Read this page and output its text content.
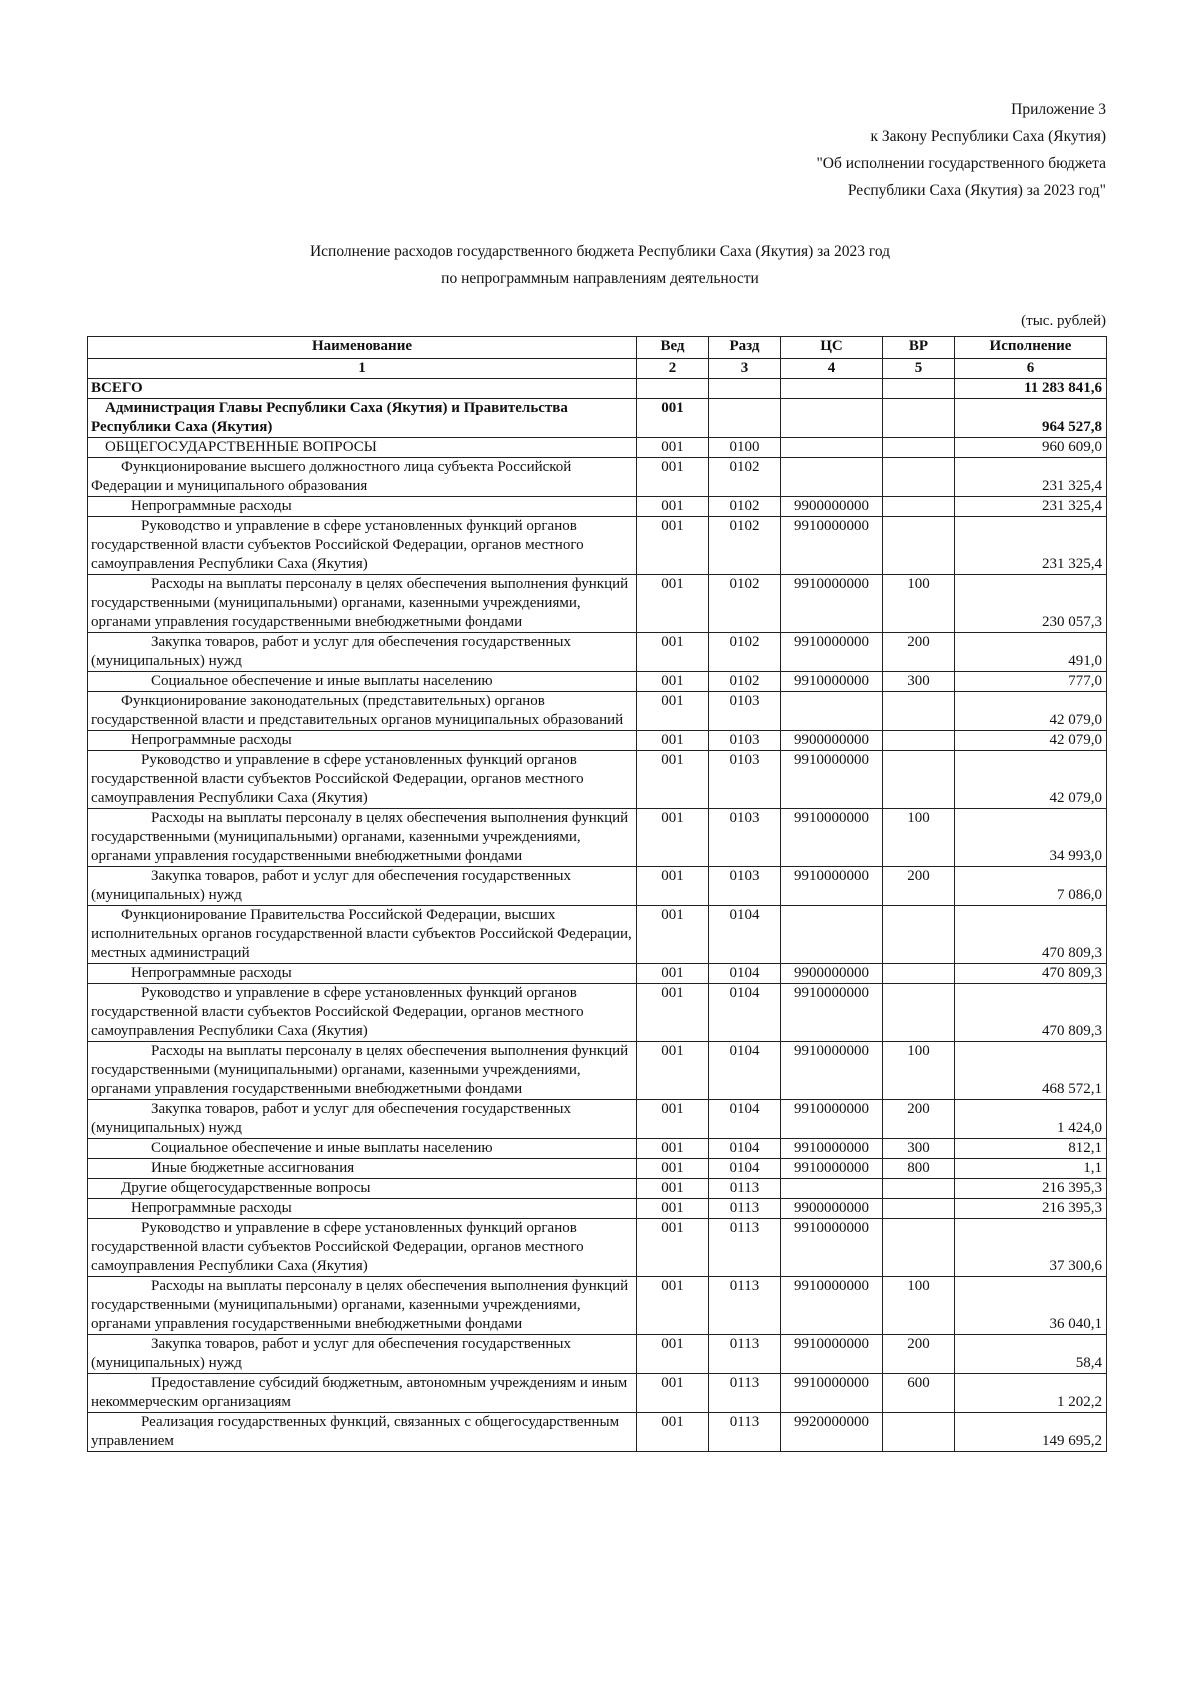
Приложение 3
к Закону Республики Саха (Якутия)
"Об исполнении государственного бюджета
Республики Саха (Якутия) за 2023 год"
Исполнение расходов государственного бюджета Республики Саха (Якутия) за 2023 год
по непрограммным направлениям деятельности
(тыс. рублей)
Наименование	Вед	Разд	ЦС	ВР	Исполнение
1	2	3	4	5	6
ВСЕГО					11 283 841,6
Администрация Главы Республики Саха (Якутия) и Правительства Республики Саха (Якутия)	001				964 527,8
ОБЩЕГОСУДАРСТВЕННЫЕ ВОПРОСЫ	001	0100			960 609,0
Функционирование высшего должностного лица субъекта Российской Федерации и муниципального образования	001	0102			231 325,4
Непрограммные расходы	001	0102	9900000000		231 325,4
Руководство и управление в сфере установленных функций органов государственной власти субъектов Российской Федерации, органов местного самоуправления Республики Саха (Якутия)	001	0102	9910000000		231 325,4
Расходы на выплаты персоналу в целях обеспечения выполнения функций государственными (муниципальными) органами, казенными учреждениями, органами управления государственными внебюджетными фондами	001	0102	9910000000	100	230 057,3
Закупка товаров, работ и услуг для обеспечения государственных (муниципальных) нужд	001	0102	9910000000	200	491,0
Социальное обеспечение и иные выплаты населению	001	0102	9910000000	300	777,0
Функционирование законодательных (представительных) органов государственной власти и представительных органов муниципальных образований	001	0103			42 079,0
Непрограммные расходы	001	0103	9900000000		42 079,0
Руководство и управление в сфере установленных функций органов государственной власти субъектов Российской Федерации, органов местного самоуправления Республики Саха (Якутия)	001	0103	9910000000		42 079,0
Расходы на выплаты персоналу в целях обеспечения выполнения функций государственными (муниципальными) органами, казенными учреждениями, органами управления государственными внебюджетными фондами	001	0103	9910000000	100	34 993,0
Закупка товаров, работ и услуг для обеспечения государственных (муниципальных) нужд	001	0103	9910000000	200	7 086,0
Функционирование Правительства Российской Федерации, высших исполнительных органов государственной власти субъектов Российской Федерации, местных администраций	001	0104			470 809,3
Непрограммные расходы	001	0104	9900000000		470 809,3
Руководство и управление в сфере установленных функций органов государственной власти субъектов Российской Федерации, органов местного самоуправления Республики Саха (Якутия)	001	0104	9910000000		470 809,3
Расходы на выплаты персоналу в целях обеспечения выполнения функций государственными (муниципальными) органами, казенными учреждениями, органами управления государственными внебюджетными фондами	001	0104	9910000000	100	468 572,1
Закупка товаров, работ и услуг для обеспечения государственных (муниципальных) нужд	001	0104	9910000000	200	1 424,0
Социальное обеспечение и иные выплаты населению	001	0104	9910000000	300	812,1
Иные бюджетные ассигнования	001	0104	9910000000	800	1,1
Другие общегосударственные вопросы	001	0113			216 395,3
Непрограммные расходы	001	0113	9900000000		216 395,3
Руководство и управление в сфере установленных функций органов государственной власти субъектов Российской Федерации, органов местного самоуправления Республики Саха (Якутия)	001	0113	9910000000		37 300,6
Расходы на выплаты персоналу в целях обеспечения выполнения функций государственными (муниципальными) органами, казенными учреждениями, органами управления государственными внебюджетными фондами	001	0113	9910000000	100	36 040,1
Закупка товаров, работ и услуг для обеспечения государственных (муниципальных) нужд	001	0113	9910000000	200	58,4
Предоставление субсидий бюджетным, автономным учреждениям и иным некоммерческим организациям	001	0113	9910000000	600	1 202,2
Реализация государственных функций, связанных с общегосударственным управлением	001	0113	9920000000		149 695,2
